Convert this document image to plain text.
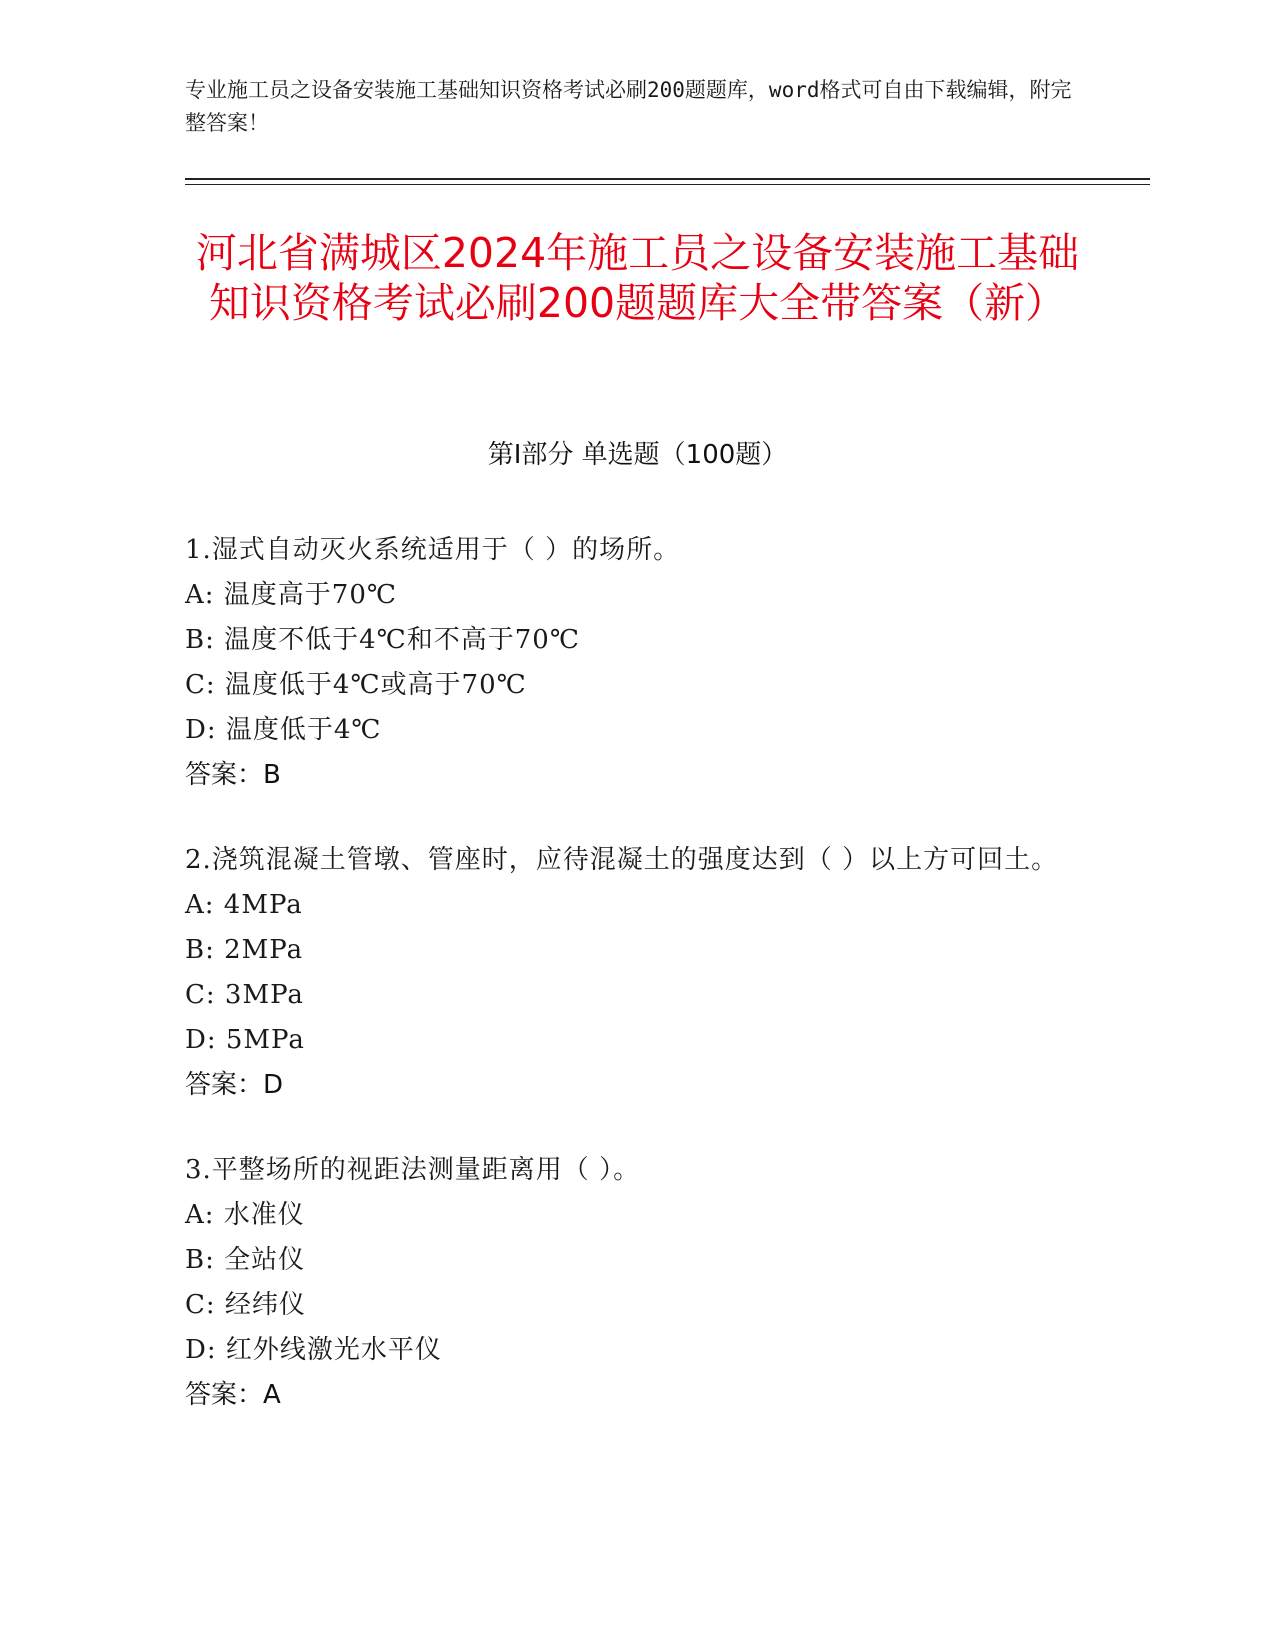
专业施工员之设备安装施工基础知识资格考试必刷200题题库，word格式可自由下载编辑，附完整答案！
河北省满城区2024年施工员之设备安装施工基础知识资格考试必刷200题题库大全带答案（新）
第I部分 单选题（100题）
1.湿式自动灭火系统适用于（ ）的场所。
A: 温度高于70℃
B: 温度不低于4℃和不高于70℃
C: 温度低于4℃或高于70℃
D: 温度低于4℃
答案：B
2.浇筑混凝土管墩、管座时，应待混凝土的强度达到（ ）以上方可回土。
A: 4MPa
B: 2MPa
C: 3MPa
D: 5MPa
答案：D
3.平整场所的视距法测量距离用（ ）。
A: 水准仪
B: 全站仪
C: 经纬仪
D: 红外线激光水平仪
答案：A
